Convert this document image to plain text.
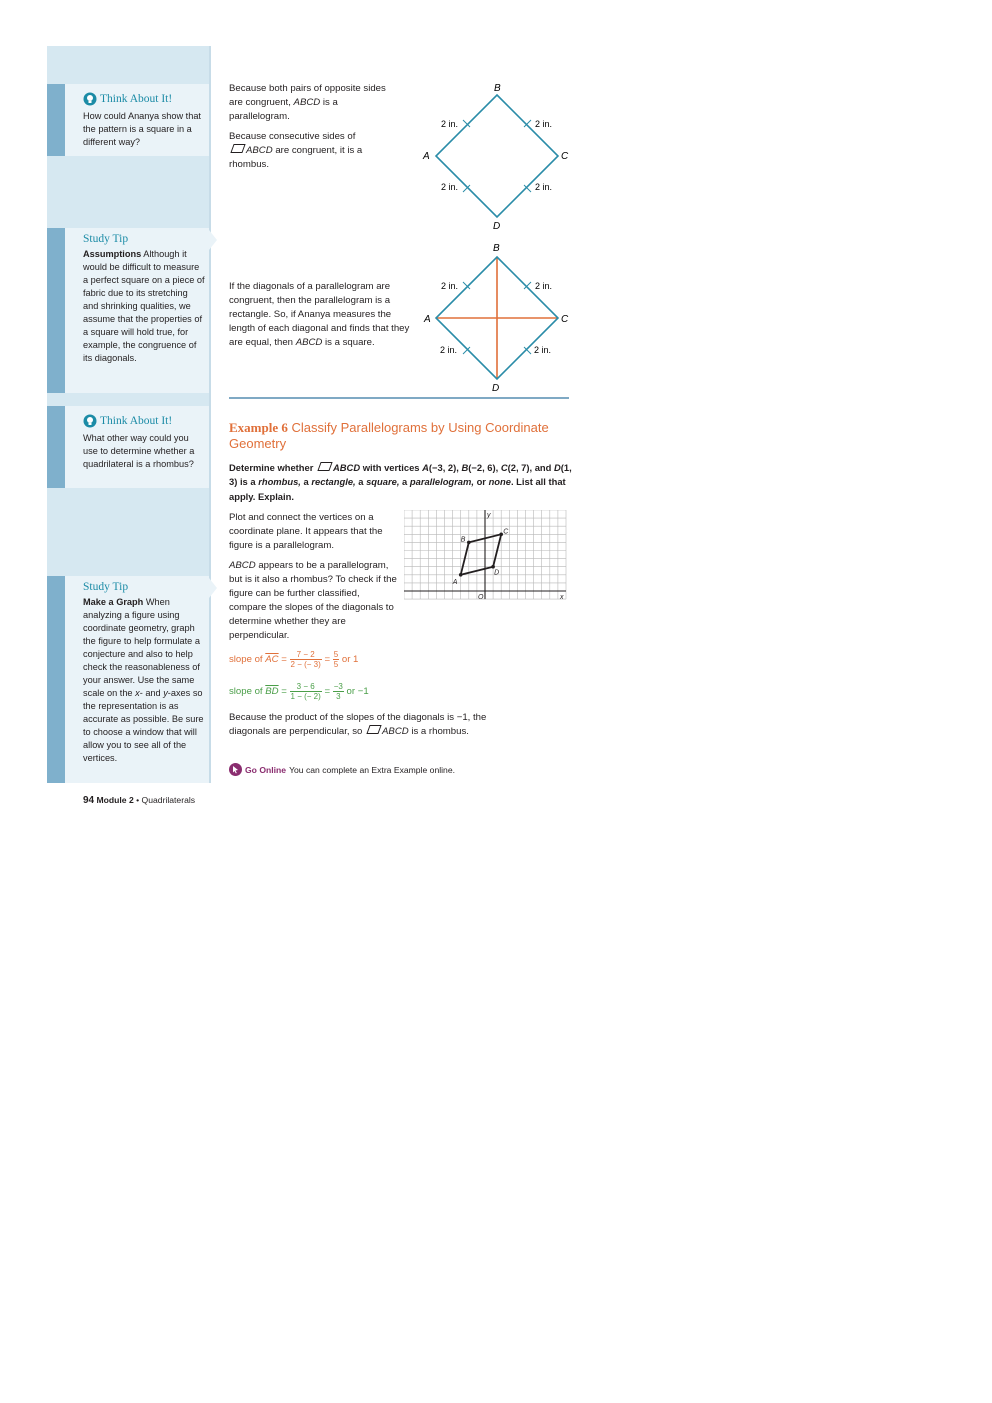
Think About It!
How could Ananya show that the pattern is a square in a different way?
Study Tip
Assumptions Although it would be difficult to measure a perfect square on a piece of fabric due to its stretching and shrinking qualities, we assume that the properties of a square will hold true, for example, the congruence of its diagonals.
Think About It!
What other way could you use to determine whether a quadrilateral is a rhombus?
Study Tip
Make a Graph When analyzing a figure using coordinate geometry, graph the figure to help formulate a conjecture and also to help check the reasonableness of your answer. Use the same scale on the x- and y-axes so the representation is as accurate as possible. Be sure to choose a window that will allow you to see all of the vertices.
Because both pairs of opposite sides are congruent, ABCD is a parallelogram.
Because consecutive sides of ABCD are congruent, it is a rhombus.
B
A	C
D
2 in.	2 in.
2 in.	2 in.
If the diagonals of a parallelogram are congruent, then the parallelogram is a rectangle. So, if Ananya measures the length of each diagonal and finds that they are equal, then ABCD is a square.
B
A	C
D
2 in.	2 in.
2 in.	2 in.
Example 6 Classify Parallelograms by Using Coordinate Geometry
Determine whether ABCD with vertices A(−3, 2), B(−2, 6), C(2, 7), and D(1, 3) is a rhombus, a rectangle, a square, a parallelogram, or none. List all that apply. Explain.
Plot and connect the vertices on a coordinate plane. It appears that the figure is a parallelogram.
ABCD appears to be a parallelogram, but is it also a rhombus? To check if the figure can be further classified, compare the slopes of the diagonals to determine whether they are perpendicular.
A
B
C
D
O	x
y
slope of $\overline{AC} = \frac{7 - 2}{2 - (- 3)} = \frac{5}{5}$ or 1
slope of $\overline{BD} = \frac{3 - 6}{1 - (- 2)} = \frac{-3}{3}$ or −1
Because the product of the slopes of the diagonals is −1, the diagonals are perpendicular, so ABCD is a rhombus.
Go Online You can complete an Extra Example online.
94 Module 2 • Quadrilaterals
